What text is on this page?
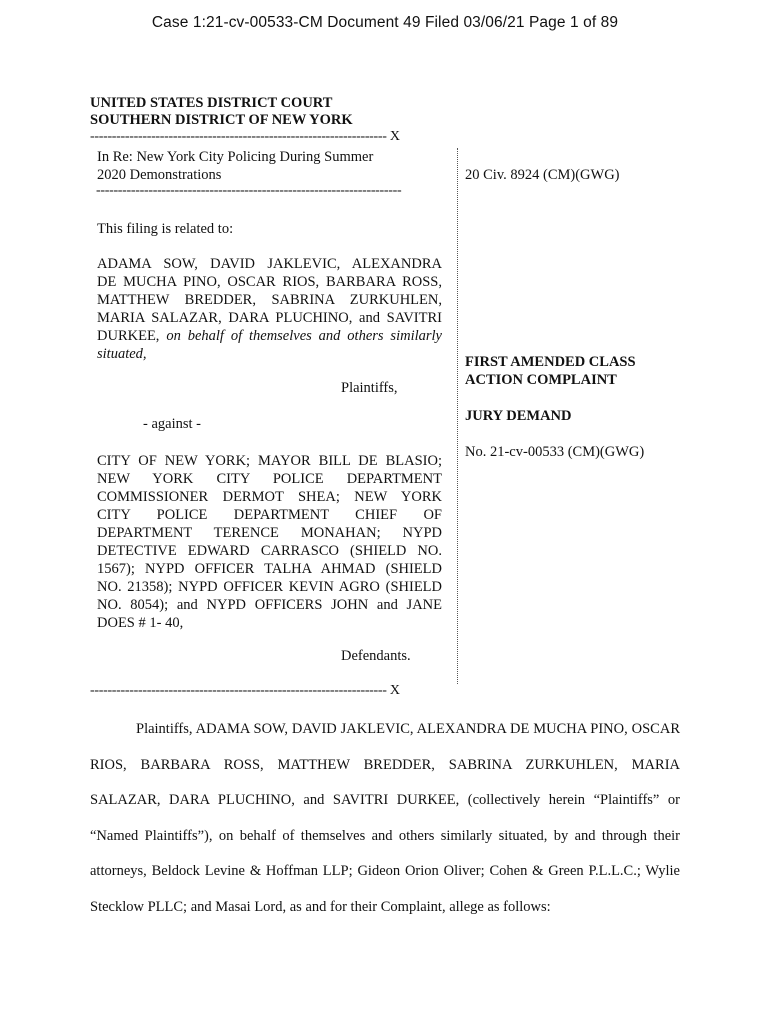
Case 1:21-cv-00533-CM Document 49 Filed 03/06/21 Page 1 of 89
UNITED STATES DISTRICT COURT
SOUTHERN DISTRICT OF NEW YORK
-------------------------------------------------------------------- X
In Re: New York City Policing During Summer
2020 Demonstrations	20 Civ. 8924 (CM)(GWG)
----------------------------------------------------------------------
This filing is related to:
ADAMA SOW, DAVID JAKLEVIC, ALEXANDRA
DE MUCHA PINO, OSCAR RIOS, BARBARA ROSS,
MATTHEW BREDDER, SABRINA ZURKUHLEN,
MARIA SALAZAR, DARA PLUCHINO, and SAVITRI
DURKEE, on behalf of themselves and others similarly
situated,
Plaintiffs,
- against -
CITY OF NEW YORK; MAYOR BILL DE BLASIO;
NEW YORK CITY POLICE DEPARTMENT
COMMISSIONER DERMOT SHEA; NEW YORK
CITY POLICE DEPARTMENT CHIEF OF
DEPARTMENT TERENCE MONAHAN; NYPD
DETECTIVE EDWARD CARRASCO (SHIELD NO.
1567); NYPD OFFICER TALHA AHMAD (SHIELD
NO. 21358); NYPD OFFICER KEVIN AGRO (SHIELD
NO. 8054); and NYPD OFFICERS JOHN and JANE
DOES # 1- 40,
Defendants.
-------------------------------------------------------------------- X
FIRST AMENDED CLASS
ACTION COMPLAINT
JURY DEMAND
No. 21-cv-00533 (CM)(GWG)

Plaintiffs, ADAMA SOW, DAVID JAKLEVIC, ALEXANDRA DE MUCHA PINO, OSCAR RIOS, BARBARA ROSS, MATTHEW BREDDER, SABRINA ZURKUHLEN, MARIA SALAZAR, DARA PLUCHINO, and SAVITRI DURKEE, (collectively herein “Plaintiffs” or “Named Plaintiffs”), on behalf of themselves and others similarly situated, by and through their attorneys, Beldock Levine & Hoffman LLP; Gideon Orion Oliver; Cohen & Green P.L.L.C.; Wylie Stecklow PLLC; and Masai Lord, as and for their Complaint, allege as follows:
